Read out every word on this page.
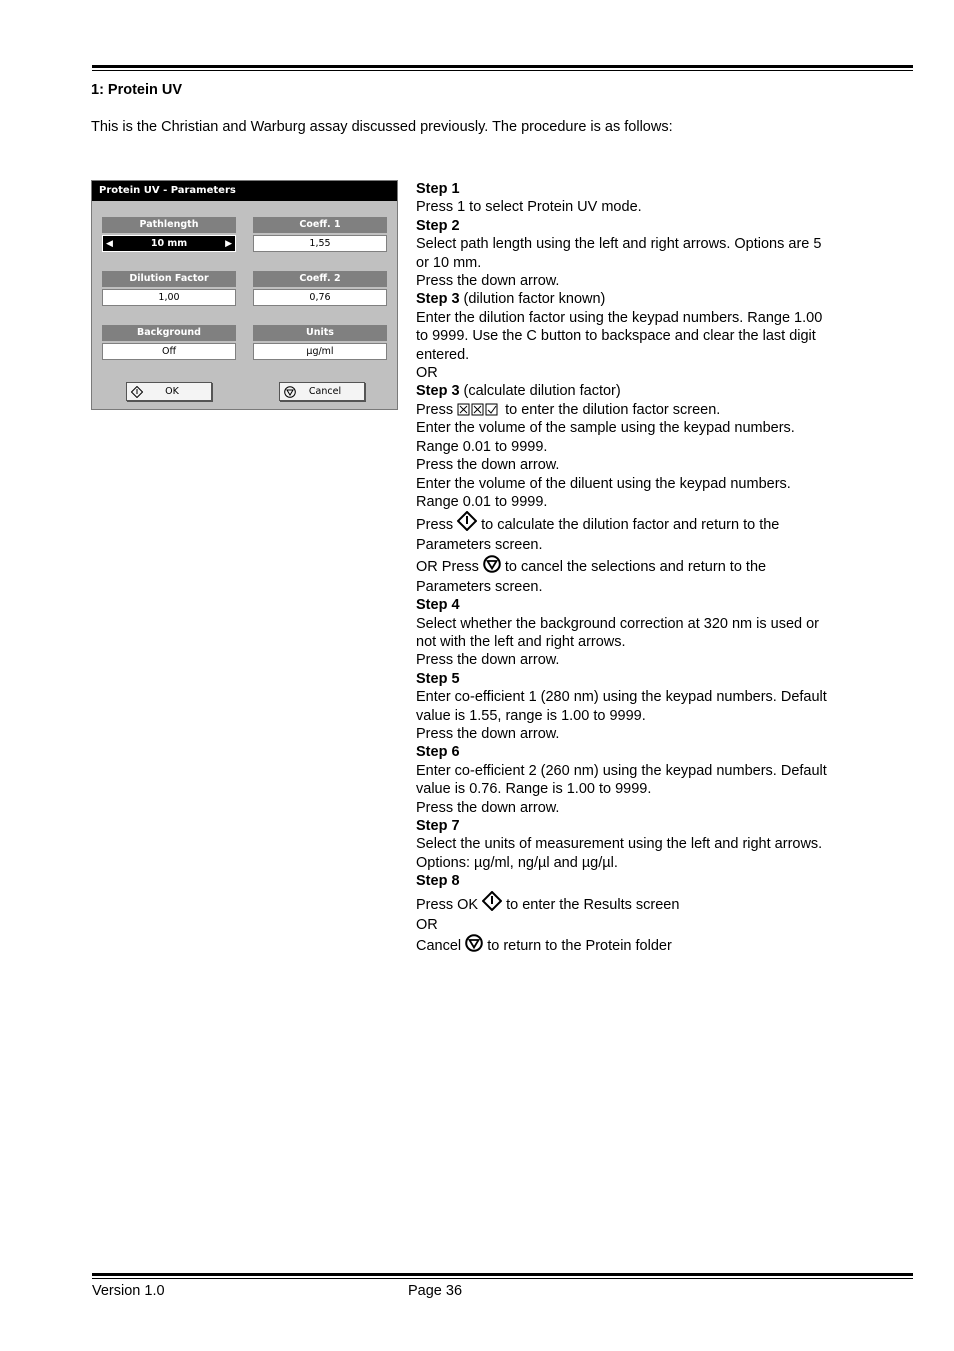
1: Protein UV
This is the Christian and Warburg assay discussed previously. The procedure is as follows:
Protein UV - Parameters
Pathlength
◀	10 mm	▶
Coeff. 1
1,55
Dilution Factor
1,00
Coeff. 2
0,76
Background
Off
Units
µg/ml
OK	Cancel
Step 1
Press 1 to select Protein UV mode.
Step 2
Select path length using the left and right arrows. Options are 5
or 10 mm.
Press the down arrow.
Step 3 (dilution factor known)
Enter the dilution factor using the keypad numbers. Range 1.00
to 9999. Use the C button to backspace and clear the last digit
entered.
OR
Step 3 (calculate dilution factor)
Press	to enter the dilution factor screen.
Enter the volume of the sample using the keypad numbers.
Range 0.01 to 9999.
Press the down arrow.
Enter the volume of the diluent using the keypad numbers.
Range 0.01 to 9999.
Press  to calculate the dilution factor and return to the
Parameters screen.
OR Press  to cancel the selections and return to the
Parameters screen.
Step 4
Select whether the background correction at 320 nm is used or
not with the left and right arrows.
Press the down arrow.
Step 5
Enter co-efficient 1 (280 nm) using the keypad numbers. Default
value is 1.55, range is 1.00 to 9999.
Press the down arrow.
Step 6
Enter co-efficient 2 (260 nm) using the keypad numbers. Default
value is 0.76. Range is 1.00 to 9999.
Press the down arrow.
Step 7
Select the units of measurement using the left and right arrows.
Options: µg/ml, ng/µl and µg/µl.
Step 8
Press OK  to enter the Results screen
OR
Cancel  to return to the Protein folder
Version 1.0	Page 36
